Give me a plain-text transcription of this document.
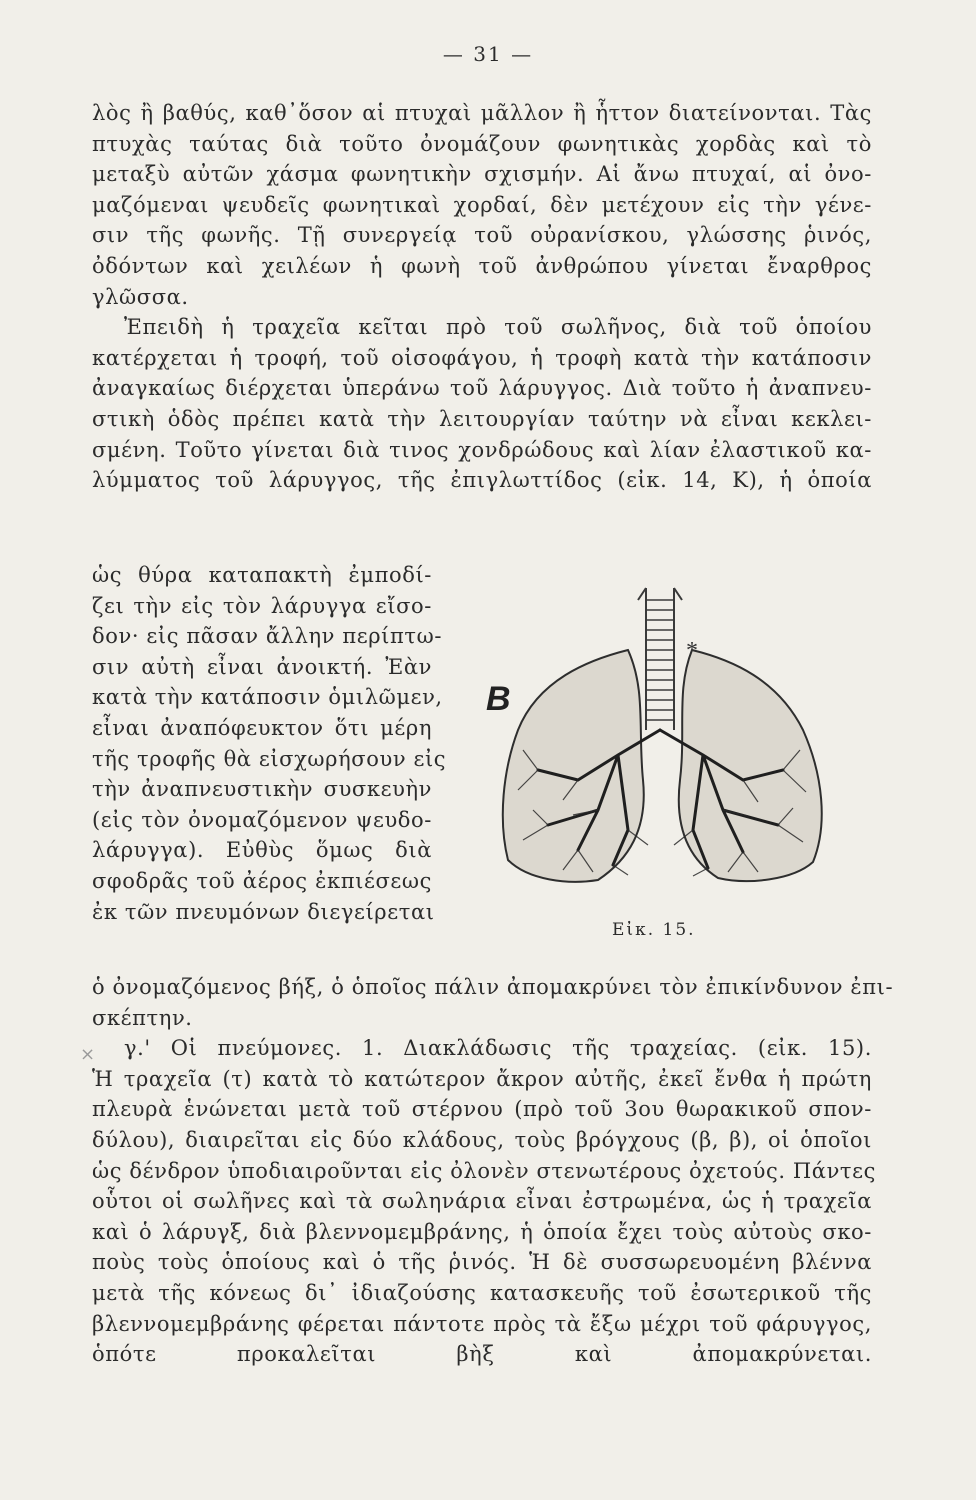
— 31 —
λὸς ἢ βαθύς, καθ᾽ὅσον αἱ πτυχαὶ μᾶλλον ἢ ἧττον διατείνονται. Τὰς
πτυχὰς ταύτας διὰ τοῦτο ὀνομάζουν φωνητικὰς χορδὰς καὶ τὸ
μεταξὺ αὐτῶν χάσμα φωνητικὴν σχισμήν. Αἱ ἄνω πτυχαί, αἱ ὀνο-
μαζόμεναι ψευδεῖς φωνητικαὶ χορδαί, δὲν μετέχουν εἰς τὴν γένε-
σιν τῆς φωνῆς. Τῇ συνεργείᾳ τοῦ οὐρανίσκου, γλώσσης ῥινός,
ὀδόντων καὶ χειλέων ἡ φωνὴ τοῦ ἀνθρώπου γίνεται ἔναρθρος
γλῶσσα.
Ἐπειδὴ ἡ τραχεῖα κεῖται πρὸ τοῦ σωλῆνος, διὰ τοῦ ὁποίου
κατέρχεται ἡ τροφή, τοῦ οἰσοφάγου, ἡ τροφὴ κατὰ τὴν κατάποσιν
ἀναγκαίως διέρχεται ὑπεράνω τοῦ λάρυγγος. Διὰ τοῦτο ἡ ἀναπνευ-
στικὴ ὁδὸς πρέπει κατὰ τὴν λειτουργίαν ταύτην νὰ εἶναι κεκλει-
σμένη. Τοῦτο γίνεται διὰ τινος χονδρώδους καὶ λίαν ἐλαστικοῦ κα-
λύμματος τοῦ λάρυγγος, τῆς ἐπιγλωττίδος (εἰκ. 14, Κ), ἡ ὁποία
ὡς θύρα καταπακτὴ ἐμποδί-
ζει τὴν εἰς τὸν λάρυγγα εἴσο-
δον· εἰς πᾶσαν ἄλλην περίπτω-
σιν αὐτὴ εἶναι ἀνοικτή. Ἐὰν
κατὰ τὴν κατάποσιν ὁμιλῶμεν,
εἶναι ἀναπόφευκτον ὅτι μέρη
τῆς τροφῆς θὰ εἰσχωρήσουν εἰς
τὴν ἀναπνευστικὴν συσκευὴν
(εἰς τὸν ὀνομαζόμενον ψευδο-
λάρυγγα). Εὐθὺς ὅμως διὰ
σφοδρᾶς τοῦ ἀέρος ἐκπιέσεως
ἐκ τῶν πνευμόνων διεγείρεται
ὁ ὀνομαζόμενος βήξ, ὁ ὁποῖος πάλιν ἀπομακρύνει τὸν ἐπικίνδυνον ἐπι-
σκέπτην.
γ.' Οἱ πνεύμονες. 1. Διακλάδωσις τῆς τραχείας. (εἰκ. 15).
Ἡ τραχεῖα (τ) κατὰ τὸ κατώτερον ἄκρον αὐτῆς, ἐκεῖ ἔνθα ἡ πρώτη
πλευρὰ ἑνώνεται μετὰ τοῦ στέρνου (πρὸ τοῦ 3ου θωρακικοῦ σπον-
δύλου), διαιρεῖται εἰς δύο κλάδους, τοὺς βρόγχους (β, β), οἱ ὁποῖοι
ὡς δένδρον ὑποδιαιροῦνται εἰς ὀλονὲν στενωτέρους ὀχετούς. Πάντες
οὗτοι οἱ σωλῆνες καὶ τὰ σωληνάρια εἶναι ἐστρωμένα, ὡς ἡ τραχεῖα
καὶ ὁ λάρυγξ, διὰ βλεννομεμβράνης, ἡ ὁποία ἔχει τοὺς αὐτοὺς σκο-
ποὺς τοὺς ὁποίους καὶ ὁ τῆς ῥινός. Ἡ δὲ συσσωρευομένη βλέννα
μετὰ τῆς κόνεως δι᾽ ἰδιαζούσης κατασκευῆς τοῦ ἐσωτερικοῦ τῆς
βλεννομεμβράνης φέρεται πάντοτε πρὸς τὰ ἔξω μέχρι τοῦ φάρυγγος,
ὁπότε προκαλεῖται βὴξ καὶ ἀπομακρύνεται.
×
B
*
Εἰκ. 15.
